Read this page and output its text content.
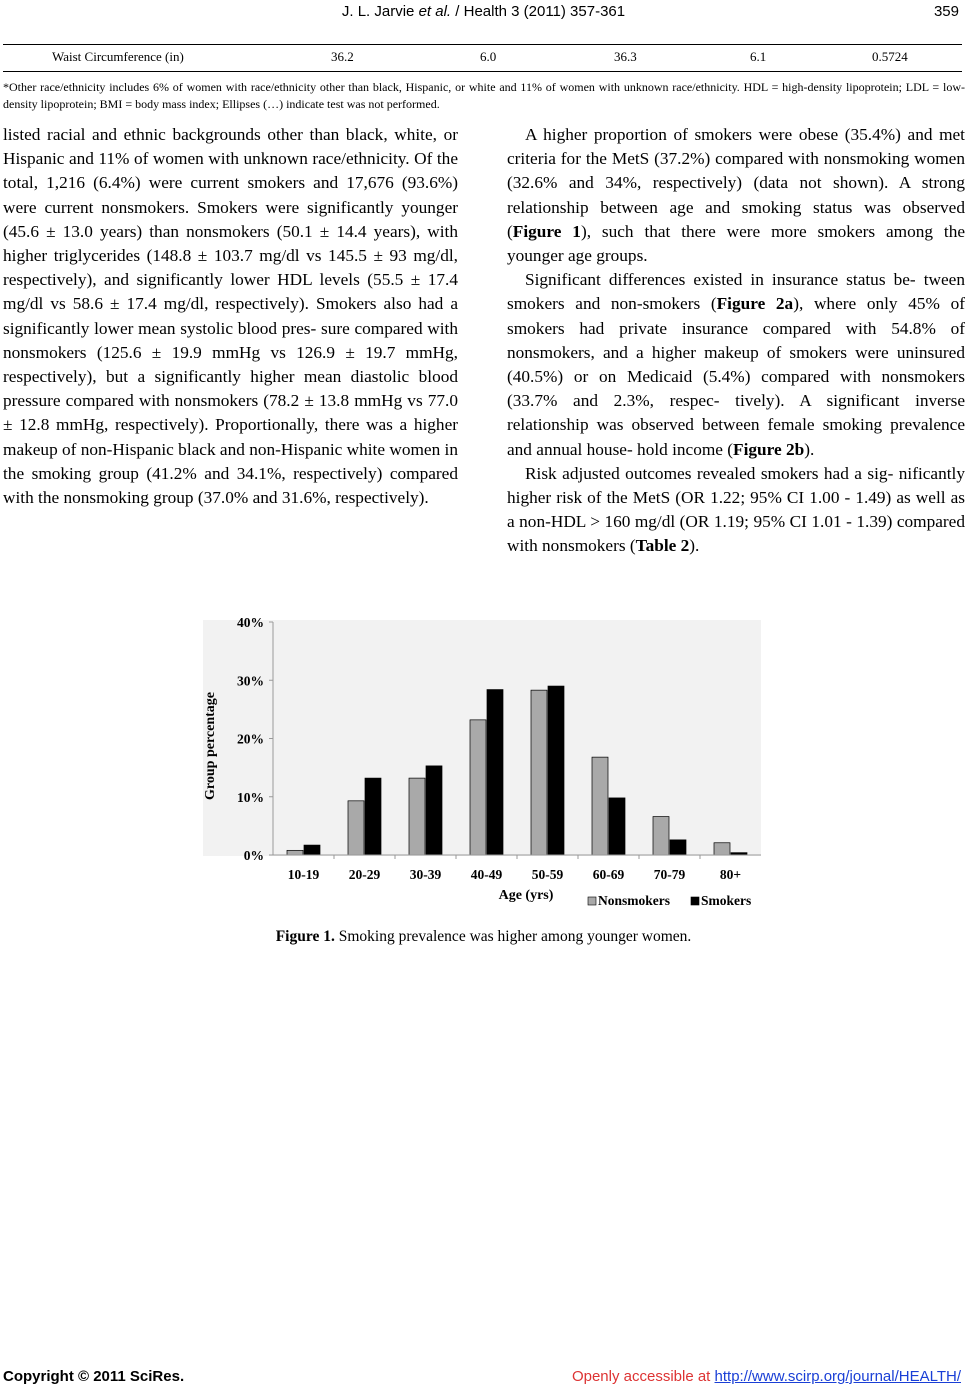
J. L. Jarvie et al. / Health 3 (2011) 357-361	359
Waist Circumference (in)	36.2	6.0	36.3	6.1	0.5724
*Other race/ethnicity includes 6% of women with race/ethnicity other than black, Hispanic, or white and 11% of women with unknown race/ethnicity. HDL = high-density lipoprotein; LDL = low-density lipoprotein; BMI = body mass index; Ellipses (…) indicate test was not performed.

listed racial and ethnic backgrounds other than black, white, or Hispanic and 11% of women with unknown race/ethnicity. Of the total, 1,216 (6.4%) were current smokers and 17,676 (93.6%) were current nonsmokers. Smokers were significantly younger (45.6 ± 13.0 years) than nonsmokers (50.1 ± 14.4 years), with higher triglycerides (148.8 ± 103.7 mg/dl vs 145.5 ± 93 mg/dl, respectively), and significantly lower HDL levels (55.5 ± 17.4 mg/dl vs 58.6 ± 17.4 mg/dl, respectively). Smokers also had a significantly lower mean systolic blood pres- sure compared with nonsmokers (125.6 ± 19.9 mmHg vs 126.9 ± 19.7 mmHg, respectively), but a significantly higher mean diastolic blood pressure compared with nonsmokers (78.2 ± 13.8 mmHg vs 77.0 ± 12.8 mmHg, respectively). Proportionally, there was a higher makeup of non-Hispanic black and non-Hispanic white women in the smoking group (41.2% and 34.1%, respectively) compared with the nonsmoking group (37.0% and 31.6%, respectively).

A higher proportion of smokers were obese (35.4%) and met criteria for the MetS (37.2%) compared with nonsmoking women (32.6% and 34%, respectively) (data not shown). A strong relationship between age and smoking status was observed (Figure 1), such that there were more smokers among the younger age groups.

Significant differences existed in insurance status be- tween smokers and non-smokers (Figure 2a), where only 45% of smokers had private insurance compared with 54.8% of nonsmokers, and a higher makeup of smokers were uninsured (40.5%) or on Medicaid (5.4%) compared with nonsmokers (33.7% and 2.3%, respec- tively). A significant inverse relationship was observed between female smoking prevalence and annual house- hold income (Figure 2b).

Risk adjusted outcomes revealed smokers had a sig- nificantly higher risk of the MetS (OR 1.22; 95% CI 1.00 - 1.49) as well as a non-HDL > 160 mg/dl (OR 1.19; 95% CI 1.01 - 1.39) compared with nonsmokers (Table 2).

0%
10%
20%
30%
40%
10-19 20-29 30-39 40-49 50-59 60-69 70-79	80+
Group percentage
Age (yrs)	Nonsmokers Smokers
Figure 1. Smoking prevalence was higher among younger women.
Copyright © 2011 SciRes.	Openly accessible at http://www.scirp.org/journal/HEALTH/
